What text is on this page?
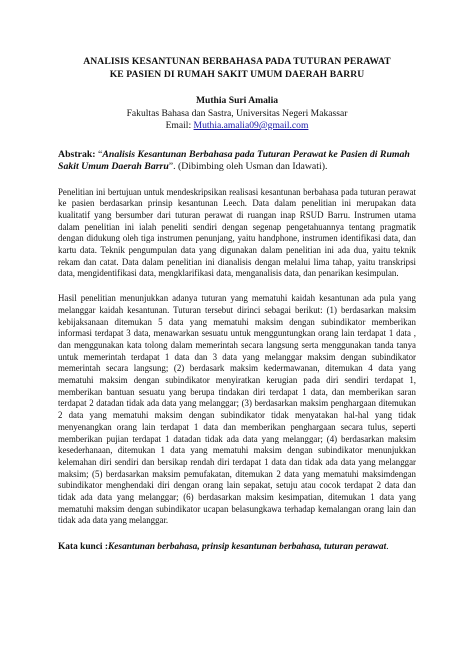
ANALISIS KESANTUNAN BERBAHASA PADA TUTURAN PERAWAT KE PASIEN DI RUMAH SAKIT UMUM DAERAH BARRU
Muthia Suri Amalia
Fakultas Bahasa dan Sastra, Universitas Negeri Makassar
Email: Muthia.amalia09@gmail.com
Abstrak: “Analisis Kesantunan Berbahasa pada Tuturan Perawat ke Pasien di Rumah Sakit Umum Daerah Barru”. (Dibimbing oleh Usman dan Idawati).
Penelitian ini bertujuan untuk mendeskripsikan realisasi kesantunan berbahasa pada tuturan perawat ke pasien berdasarkan prinsip kesantunan Leech. Data dalam penelitian ini merupakan data kualitatif yang bersumber dari tuturan perawat di ruangan inap RSUD Barru. Instrumen utama dalam penelitian ini ialah peneliti sendiri dengan segenap pengetahuannya tentang pragmatik dengan didukung oleh tiga instrumen penunjang, yaitu handphone, instrumen identifikasi data, dan kartu data. Teknik pengumpulan data yang digunakan dalam penelitian ini ada dua, yaitu teknik rekam dan catat. Data dalam penelitian ini dianalisis dengan melalui lima tahap, yaitu transkripsi data, mengidentifikasi data, mengklarifikasi data, menganalisis data, dan penarikan kesimpulan.
Hasil penelitian menunjukkan adanya tuturan yang mematuhi kaidah kesantunan ada pula yang melanggar kaidah kesantunan. Tuturan tersebut dirinci sebagai berikut: (1) berdasarkan maksim kebijaksanaan ditemukan 5 data yang mematuhi maksim dengan subindikator memberikan informasi terdapat 3 data, menawarkan sesuatu untuk mengguntungkan orang lain terdapat 1 data , dan menggunakan kata tolong dalam memerintah secara langsung serta menggunakan tanda tanya untuk memerintah terdapat 1 data dan 3 data yang melanggar maksim dengan subindikator memerintah secara langsung; (2) berdasark maksim kedermawanan, ditemukan 4 data yang mematuhi maksim dengan subindikator menyiratkan kerugian pada diri sendiri terdapat 1, memberikan bantuan sesuatu yang berupa tindakan diri terdapat 1 data, dan memberikan saran terdapat 2 datadan tidak ada data yang melanggar; (3) berdasarkan maksim penghargaan ditemukan 2 data yang mematuhi maksim dengan subindikator tidak menyatakan hal-hal yang tidak menyenangkan orang lain terdapat 1 data dan memberikan penghargaan secara tulus, seperti memberikan pujian terdapat 1 datadan tidak ada data yang melanggar; (4) berdasarkan maksim kesederhanaan, ditemukan 1 data yang mematuhi maksim dengan subindikator menunjukkan kelemahan diri sendiri dan bersikap rendah diri terdapat 1 data dan tidak ada data yang melanggar maksim; (5) berdasarkan maksim pemufakatan, ditemukan 2 data yang mematuhi maksimdengan subindikator menghendaki diri dengan orang lain sepakat, setuju atau cocok terdapat 2 data dan tidak ada data yang melanggar; (6) berdasarkan maksim kesimpatian, ditemukan 1 data yang mematuhi maksim dengan subindikator ucapan belasungkawa terhadap kemalangan orang lain dan tidak ada data yang melanggar.
Kata kunci :Kesantunan berbahasa, prinsip kesantunan berbahasa, tuturan perawat.
